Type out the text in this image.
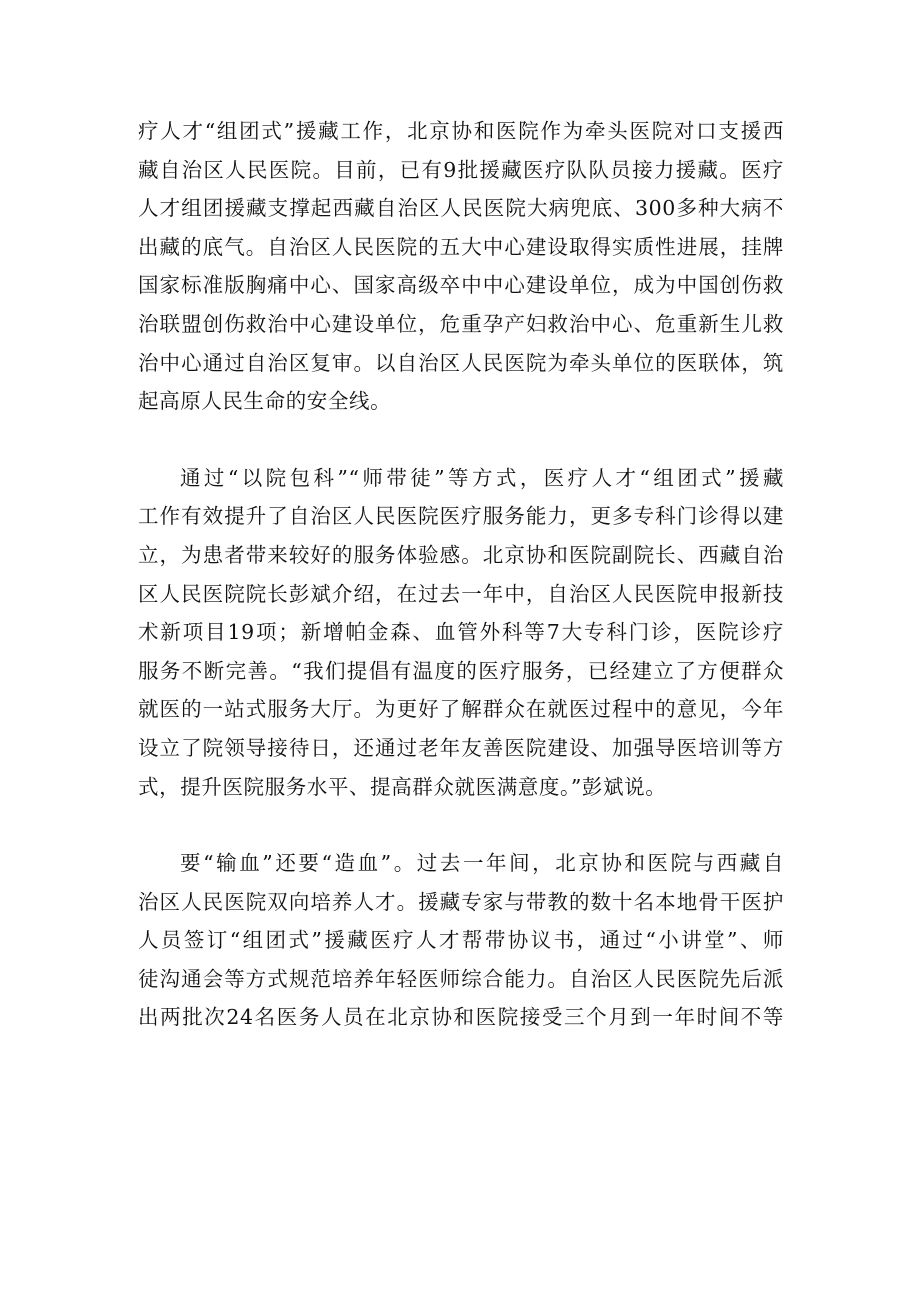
疗人才“组团式”援藏工作，北京协和医院作为牵头医院对口支援西
藏自治区人民医院。目前，已有9批援藏医疗队队员接力援藏。医疗
人才组团援藏支撑起西藏自治区人民医院大病兜底、300多种大病不
出藏的底气。自治区人民医院的五大中心建设取得实质性进展，挂牌
国家标准版胸痛中心、国家高级卒中中心建设单位，成为中国创伤救
治联盟创伤救治中心建设单位，危重孕产妇救治中心、危重新生儿救
治中心通过自治区复审。以自治区人民医院为牵头单位的医联体，筑
起高原人民生命的安全线。
通过“以院包科”“师带徒”等方式，医疗人才“组团式”援藏
工作有效提升了自治区人民医院医疗服务能力，更多专科门诊得以建
立，为患者带来较好的服务体验感。北京协和医院副院长、西藏自治
区人民医院院长彭斌介绍，在过去一年中，自治区人民医院申报新技
术新项目19项；新增帕金森、血管外科等7大专科门诊，医院诊疗
服务不断完善。“我们提倡有温度的医疗服务，已经建立了方便群众
就医的一站式服务大厅。为更好了解群众在就医过程中的意见，今年
设立了院领导接待日，还通过老年友善医院建设、加强导医培训等方
式，提升医院服务水平、提高群众就医满意度。”彭斌说。
要“输血”还要“造血”。过去一年间，北京协和医院与西藏自
治区人民医院双向培养人才。援藏专家与带教的数十名本地骨干医护
人员签订“组团式”援藏医疗人才帮带协议书，通过“小讲堂”、师
徒沟通会等方式规范培养年轻医师综合能力。自治区人民医院先后派
出两批次24名医务人员在北京协和医院接受三个月到一年时间不等
